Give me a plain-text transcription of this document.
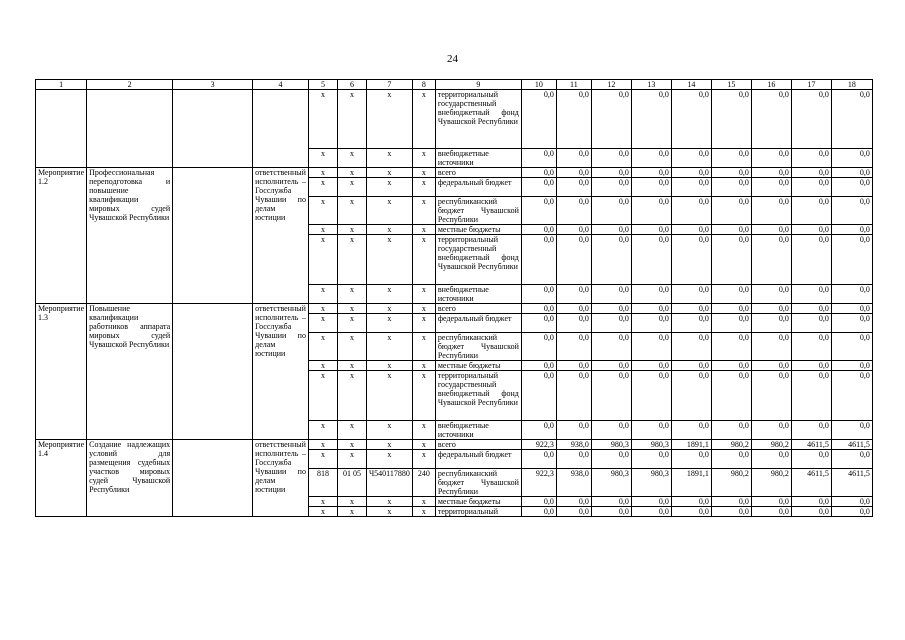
24
1	2	3	4	5	6	7	8	9	10	11	12	13	14	15	16	17	18
				x	x	x	x	территориальный государственный внебюджетный фонд Чувашской Республики	0,0	0,0	0,0	0,0	0,0	0,0	0,0	0,0	0,0
				x	x	x	x	внебюджетные источники	0,0	0,0	0,0	0,0	0,0	0,0	0,0	0,0	0,0
Мероприятие 1.2	Профессиональная переподготовка и повышение квалификации мировых судей Чувашской Республики		ответственный исполнитель – Госслужба Чувашии по делам юстиции	x	x	x	x	всего	0,0	0,0	0,0	0,0	0,0	0,0	0,0	0,0	0,0
				x	x	x	x	федеральный бюджет	0,0	0,0	0,0	0,0	0,0	0,0	0,0	0,0	0,0
				x	x	x	x	республиканский бюджет Чувашской Республики	0,0	0,0	0,0	0,0	0,0	0,0	0,0	0,0	0,0
				x	x	x	x	местные бюджеты	0,0	0,0	0,0	0,0	0,0	0,0	0,0	0,0	0,0
				x	x	x	x	территориальный государственный внебюджетный фонд Чувашской Республики	0,0	0,0	0,0	0,0	0,0	0,0	0,0	0,0	0,0
				x	x	x	x	внебюджетные источники	0,0	0,0	0,0	0,0	0,0	0,0	0,0	0,0	0,0
Мероприятие 1.3	Повышение квалификации работников аппарата мировых судей Чувашской Республики		ответственный исполнитель – Госслужба Чувашии по делам юстиции	x	x	x	x	всего	0,0	0,0	0,0	0,0	0,0	0,0	0,0	0,0	0,0
				x	x	x	x	федеральный бюджет	0,0	0,0	0,0	0,0	0,0	0,0	0,0	0,0	0,0
				x	x	x	x	республиканский бюджет Чувашской Республики	0,0	0,0	0,0	0,0	0,0	0,0	0,0	0,0	0,0
				x	x	x	x	местные бюджеты	0,0	0,0	0,0	0,0	0,0	0,0	0,0	0,0	0,0
				x	x	x	x	территориальный государственный внебюджетный фонд Чувашской Республики	0,0	0,0	0,0	0,0	0,0	0,0	0,0	0,0	0,0
				x	x	x	x	внебюджетные источники	0,0	0,0	0,0	0,0	0,0	0,0	0,0	0,0	0,0
Мероприятие 1.4	Создание надлежащих условий для размещения судебных участков мировых судей Чувашской Республики		ответственный исполнитель – Госслужба Чувашии по делам юстиции	x	x	x	x	всего	922,3	938,0	980,3	980,3	1891,1	980,2	980,2	4611,5	4611,5
				x	x	x	x	федеральный бюджет	0,0	0,0	0,0	0,0	0,0	0,0	0,0	0,0	0,0
				818	01 05	Ч540117880	240	республиканский бюджет Чувашской Республики	922,3	938,0	980,3	980,3	1891,1	980,2	980,2	4611,5	4611,5
				x	x	x	x	местные бюджеты	0,0	0,0	0,0	0,0	0,0	0,0	0,0	0,0	0,0
				x	x	x	x	территориальный	0,0	0,0	0,0	0,0	0,0	0,0	0,0	0,0	0,0
